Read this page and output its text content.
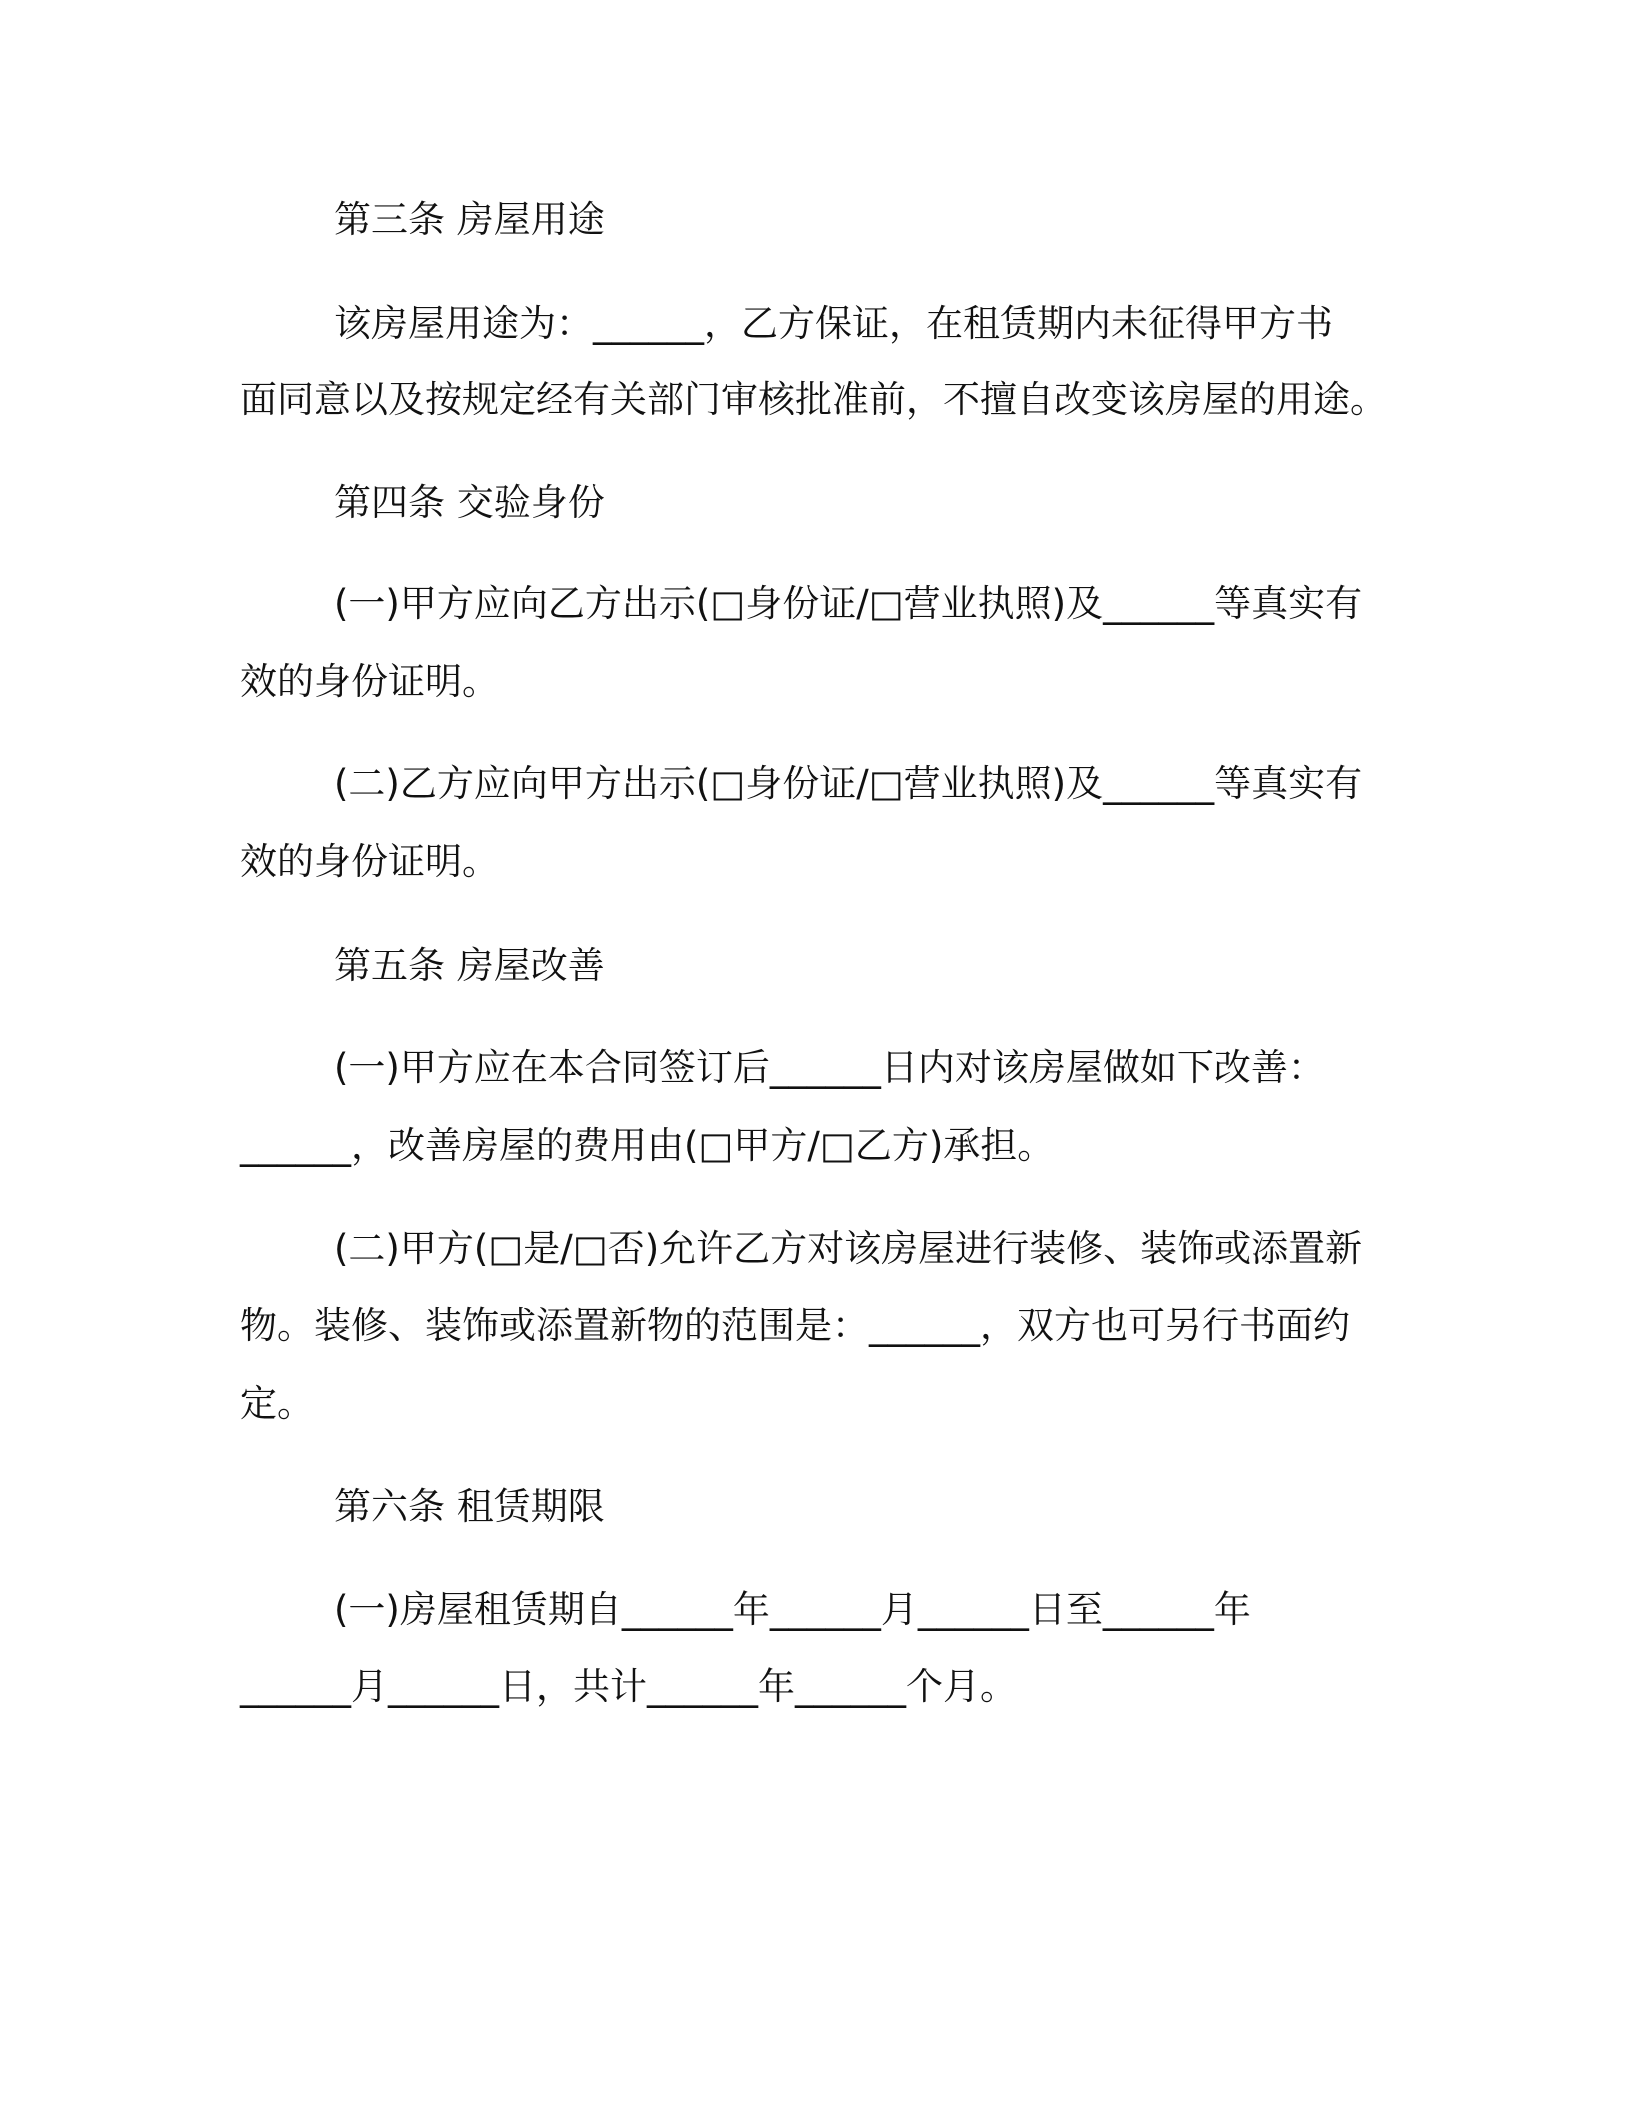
第三条 房屋用途
该房屋用途为：______，乙方保证，在租赁期内未征得甲方书
面同意以及按规定经有关部门审核批准前，不擅自改变该房屋的用途。
第四条 交验身份
(一)甲方应向乙方出示(□身份证/□营业执照)及______等真实有
效的身份证明。
(二)乙方应向甲方出示(□身份证/□营业执照)及______等真实有
效的身份证明。
第五条 房屋改善
(一)甲方应在本合同签订后______日内对该房屋做如下改善：
______，改善房屋的费用由(□甲方/□乙方)承担。
(二)甲方(□是/□否)允许乙方对该房屋进行装修、装饰或添置新
物。装修、装饰或添置新物的范围是：______，双方也可另行书面约
定。
第六条 租赁期限
(一)房屋租赁期自______年______月______日至______年
______月______日，共计______年______个月。
